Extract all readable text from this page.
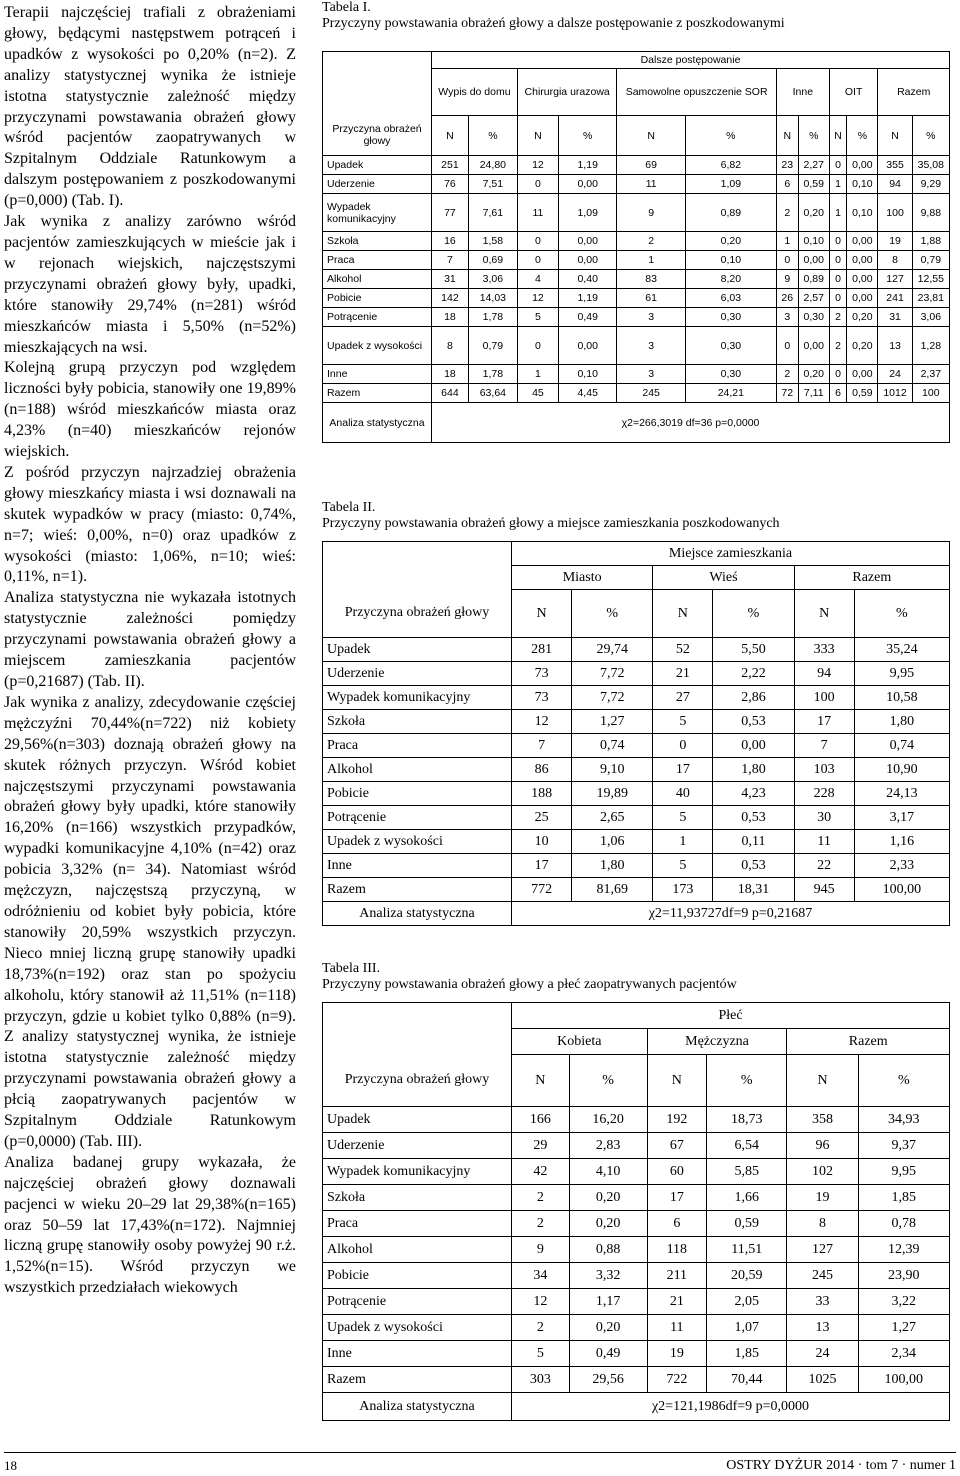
Terapii najczęściej trafiali z obrażeniami głowy, będącymi następstwem potrąceń i upadków z wysokości po 0,20% (n=2). Z analizy statystycznej wynika że istnieje istotna statystycznie zależność między przyczynami powstawania obrażeń głowy wśród pacjentów zaopatrywanych w Szpitalnym Oddziale Ratunkowym a dalszym postępowaniem z poszkodowanymi (p=0,000) (Tab. I).

Jak wynika z analizy zarówno wśród pacjentów zamieszkujących w mieście jak i w rejonach wiejskich, najczęstszymi przyczynami obrażeń głowy były, upadki, które stanowiły 29,74% (n=281) wśród mieszkańców miasta i 5,50% (n=52%) mieszkających na wsi.

Kolejną grupą przyczyn pod względem liczności były pobicia, stanowiły one 19,89% (n=188) wśród mieszkańców miasta oraz 4,23% (n=40) mieszkańców rejonów wiejskich.

Z pośród przyczyn najrzadziej obrażenia głowy mieszkańcy miasta i wsi doznawali na skutek wypadków w pracy (miasto: 0,74%, n=7; wieś: 0,00%, n=0) oraz upadków z wysokości (miasto: 1,06%, n=10; wieś: 0,11%, n=1).

Analiza statystyczna nie wykazała istotnych statystycznie zależności pomiędzy przyczynami powstawania obrażeń głowy a miejscem zamieszkania pacjentów (p=0,21687) (Tab. II).

Jak wynika z analizy, zdecydowanie częściej mężczyźni 70,44%(n=722) niż kobiety 29,56%(n=303) doznają obrażeń głowy na skutek różnych przyczyn. Wśród kobiet najczęstszymi przyczynami powstawania obrażeń głowy były upadki, które stanowiły 16,20% (n=166) wszystkich przypadków, wypadki komunikacyjne 4,10% (n=42) oraz pobicia 3,32% (n= 34). Natomiast wśród mężczyzn, najczęstszą przyczyną, w odróżnieniu od kobiet były pobicia, które stanowiły 20,59% wszystkich przyczyn. Nieco mniej liczną grupę stanowiły upadki 18,73%(n=192) oraz stan po spożyciu alkoholu, który stanowił aż 11,51% (n=118) przyczyn, gdzie u kobiet tylko 0,88% (n=9). Z analizy statystycznej wynika, że istnieje istotna statystycznie zależność między przyczynami powstawania obrażeń głowy a płcią zaopatrywanych pacjentów w Szpitalnym Oddziale Ratunkowym (p=0,0000) (Tab. III).

Analiza badanej grupy wykazała, że najczęściej obrażeń głowy doznawali pacjenci w wieku 20–29 lat 29,38%(n=165) oraz 50–59 lat 17,43%(n=172). Najmniej liczną grupę stanowiły osoby powyżej 90 r.ż. 1,52%(n=15). Wśród przyczyn we wszystkich przedziałach wiekowych

Tabela I.

Przyczyny powstawania obrażeń głowy a dalsze postępowanie z poszkodowanymi

	Dalsze postępowanie											
	Wypis do domu		Chirurgia urazowa		Samowolne opuszczenie SOR		Inne		OIT		Razem	
Przyczyna obrażeń głowy	N	%	N	%	N	%	N	%	N	%	N	%
Upadek	251	24,80	12	1,19	69	6,82	23	2,27	0	0,00	355	35,08
Uderzenie	76	7,51	0	0,00	11	1,09	6	0,59	1	0,10	94	9,29
Wypadek komunikacyjny	77	7,61	11	1,09	9	0,89	2	0,20	1	0,10	100	9,88
Szkoła	16	1,58	0	0,00	2	0,20	1	0,10	0	0,00	19	1,88
Praca	7	0,69	0	0,00	1	0,10	0	0,00	0	0,00	8	0,79
Alkohol	31	3,06	4	0,40	83	8,20	9	0,89	0	0,00	127	12,55
Pobicie	142	14,03	12	1,19	61	6,03	26	2,57	0	0,00	241	23,81
Potrącenie	18	1,78	5	0,49	3	0,30	3	0,30	2	0,20	31	3,06
Upadek z wysokości	8	0,79	0	0,00	3	0,30	0	0,00	2	0,20	13	1,28
Inne	18	1,78	1	0,10	3	0,30	2	0,20	0	0,00	24	2,37
Razem	644	63,64	45	4,45	245	24,21	72	7,11	6	0,59	1012	100
Analiza statystyczna	χ2=266,3019 df=36 p=0,0000											

Tabela II.

Przyczyny powstawania obrażeń głowy a miejsce zamieszkania poszkodowanych

	Miejsce zamieszkania					
	Miasto		Wieś		Razem	
Przyczyna obrażeń głowy	N	%	N	%	N	%
Upadek	281	29,74	52	5,50	333	35,24
Uderzenie	73	7,72	21	2,22	94	9,95
Wypadek komunikacyjny	73	7,72	27	2,86	100	10,58
Szkoła	12	1,27	5	0,53	17	1,80
Praca	7	0,74	0	0,00	7	0,74
Alkohol	86	9,10	17	1,80	103	10,90
Pobicie	188	19,89	40	4,23	228	24,13
Potrącenie	25	2,65	5	0,53	30	3,17
Upadek z wysokości	10	1,06	1	0,11	11	1,16
Inne	17	1,80	5	0,53	22	2,33
Razem	772	81,69	173	18,31	945	100,00
Analiza statystyczna	χ2=11,93727df=9 p=0,21687					

Tabela III.

Przyczyny powstawania obrażeń głowy a płeć zaopatrywanych pacjentów

	Płeć					
	Kobieta		Mężczyzna		Razem	
Przyczyna obrażeń głowy	N	%	N	%	N	%
Upadek	166	16,20	192	18,73	358	34,93
Uderzenie	29	2,83	67	6,54	96	9,37
Wypadek komunikacyjny	42	4,10	60	5,85	102	9,95
Szkoła	2	0,20	17	1,66	19	1,85
Praca	2	0,20	6	0,59	8	0,78
Alkohol	9	0,88	118	11,51	127	12,39
Pobicie	34	3,32	211	20,59	245	23,90
Potrącenie	12	1,17	21	2,05	33	3,22
Upadek z wysokości	2	0,20	11	1,07	13	1,27
Inne	5	0,49	19	1,85	24	2,34
Razem	303	29,56	722	70,44	1025	100,00
Analiza statystyczna	χ2=121,1986df=9 p=0,0000					
18	OSTRY DYŻUR 2014 · tom 7 · numer 1
